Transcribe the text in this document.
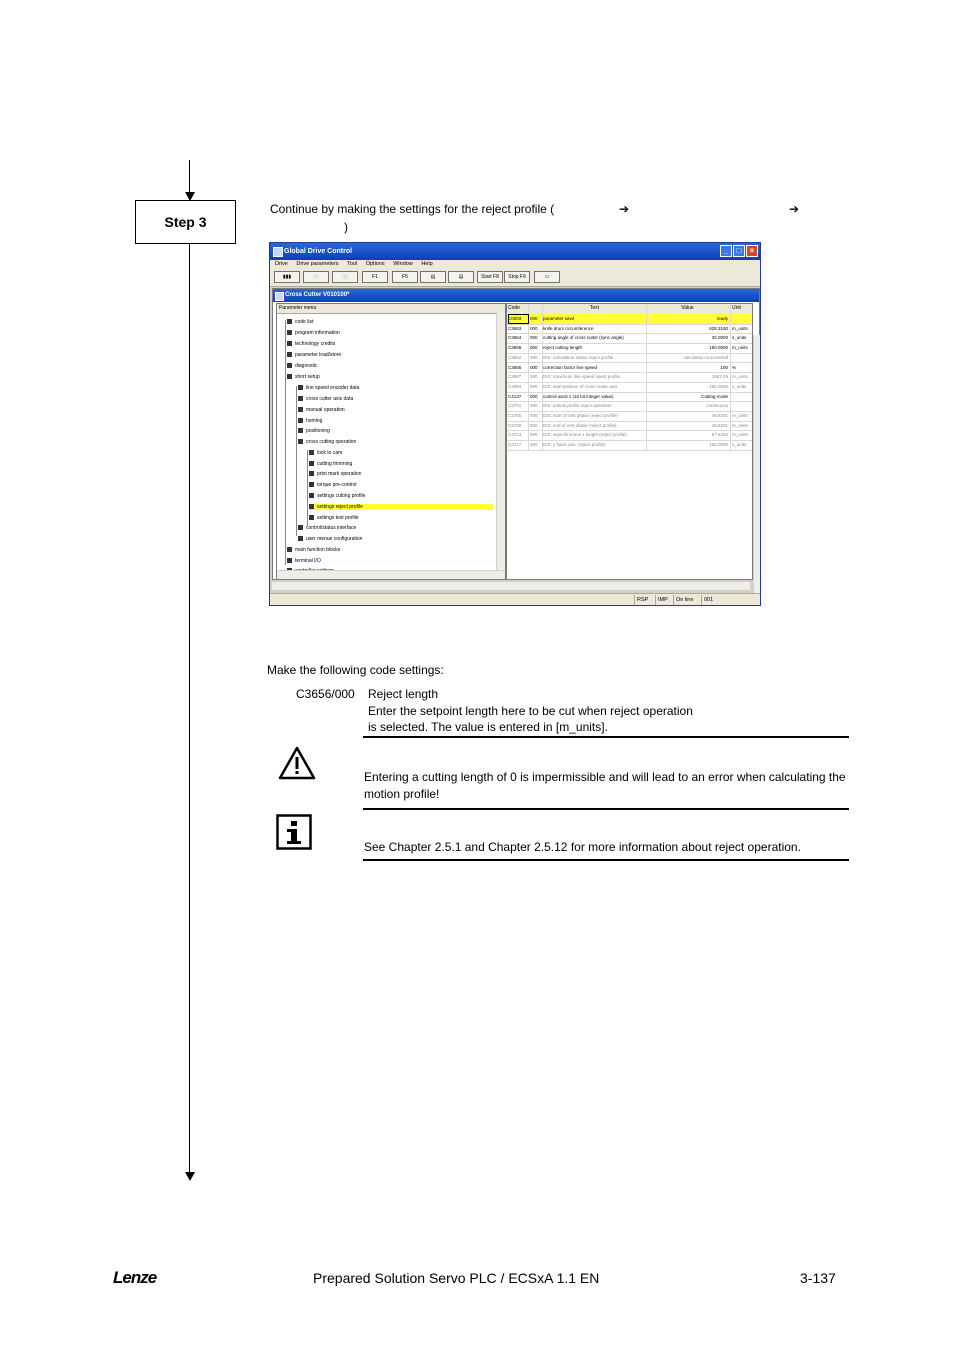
Step 3
Continue by making the settings for the reject profile (	➔	➔
)
Global Drive Control	_	□	×
Drive Drive parameters Tool Options Window Help
▮▮▮	▯▯	▯▯	F1	F5	▤	▤	Start F8	Stop F9	▭
Cross Cutter V010100*
Parameter menu
code list
program information
technology credits
parameter load/store
diagnostic
short setup
line speed encoder data
cross cutter axis data
manual operation
homing
positioning
cross cutting operation
lock to cam
cutting trimming
print mark operation
torque pre-control
settings cutting profile
settings reject profile
settings test profile
control/status interface
user menue configuration
main function blocks
terminal I/O
Code	Text	Value	Unit
C0003	000	parameter save	ready
C3653	000	knife drum circumference	628.3180 m_units
C3654	000	cutting angle of cross cutter (sync angle)	30.0000 s_units
C3656	000	reject cutting length	150.0000 m_units
C3662	000	DIS: calculation status reject profile	calculation successfull
C3665	000	correction factor line speed	100 %
C3687	000	DIS: maximum line speed reject profile	1862.29 m_units
C3694	000	DIS: start position of cross cutter axis	165.0000 s_units
C4137	000	control word 1 (16 bit integer value)	Cutting mode
C3701	000	DIS: indicat profile reject operation	continuous
C3705	000	DIS: start of rest phase (reject profile)	48.8201 m_units
C3709	000	DIS: end of rest phase (reject profile)	48.8201 m_units
C3713	000	DIS: asynchronous x length (reject profile)	97.6402 m_units
C3717	000	DIS: y basic pos. (reject profile)	165.0000 s_units
RSP	IMP	On line	001
Make the following code settings:
C3656/000 Reject length
Enter the setpoint length here to be cut when reject operation
is selected. The value is entered in [m_units].
Entering a cutting length of 0 is impermissible and will lead to an error when calculating the motion profile!
See Chapter 2.5.1 and Chapter 2.5.12 for more information about reject operation.
Lenze	Prepared Solution Servo PLC / ECSxA 1.1 EN	3-137
